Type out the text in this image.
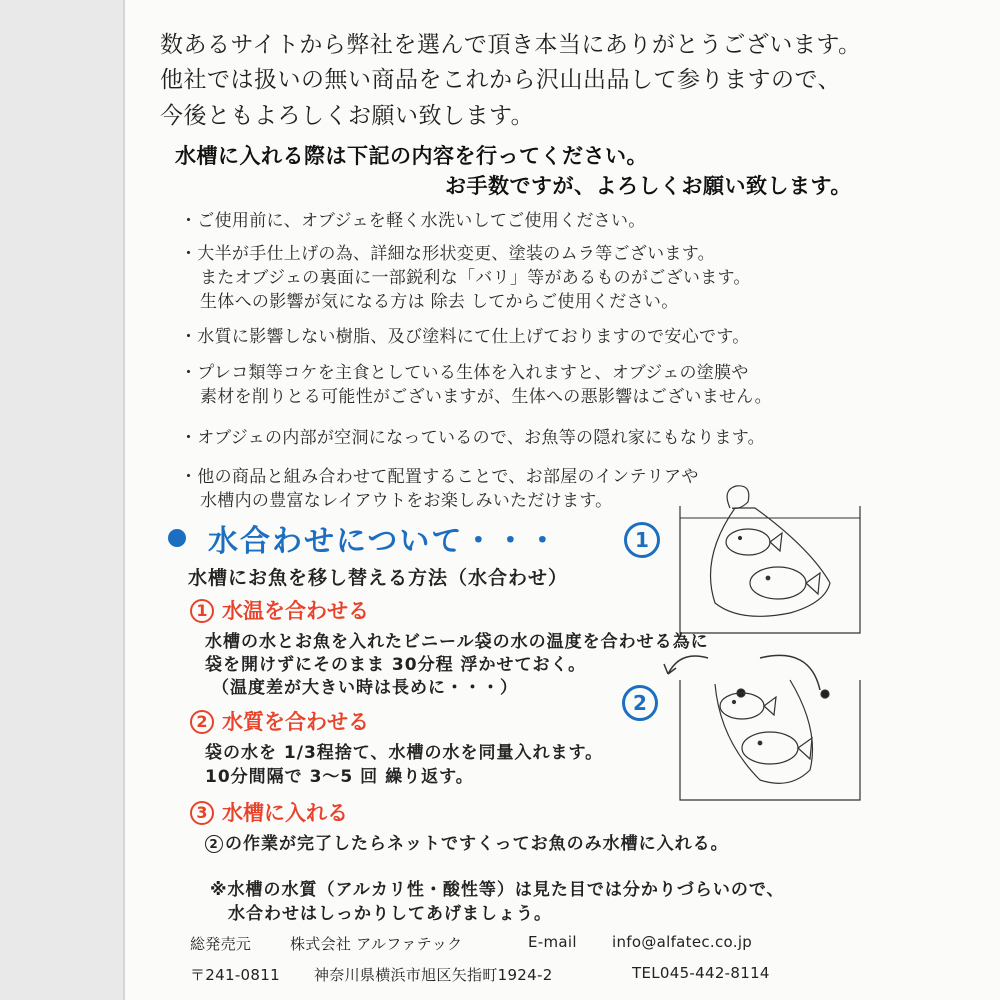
数あるサイトから弊社を選んで頂き本当にありがとうございます。
他社では扱いの無い商品をこれから沢山出品して参りますので、
今後ともよろしくお願い致します。
水槽に入れる際は下記の内容を行ってください。
お手数ですが、よろしくお願い致します。
・ご使用前に、オブジェを軽く水洗いしてご使用ください。
・大半が手仕上げの為、詳細な形状変更、塗装のムラ等ございます。
またオブジェの裏面に一部鋭利な「バリ」等があるものがございます。
生体への影響が気になる方は 除去 してからご使用ください。
・水質に影響しない樹脂、及び塗料にて仕上げておりますので安心です。
・プレコ類等コケを主食としている生体を入れますと、オブジェの塗膜や
素材を削りとる可能性がございますが、生体への悪影響はございません。
・オブジェの内部が空洞になっているので、お魚等の隠れ家にもなります。
・他の商品と組み合わせて配置することで、お部屋のインテリアや
水槽内の豊富なレイアウトをお楽しみいただけます。
水合わせについて・・・	1
水槽にお魚を移し替える方法（水合わせ）
1 水温を合わせる
水槽の水とお魚を入れたビニール袋の水の温度を合わせる為に
袋を開けずにそのまま 30分程 浮かせておく。
（温度差が大きい時は長めに・・・）
2 水質を合わせる
袋の水を 1/3程捨て、水槽の水を同量入れます。
10分間隔で 3～5 回 繰り返す。
2
3 水槽に入れる
2 の作業が完了したらネットですくってお魚のみ水槽に入れる。
※水槽の水質（アルカリ性・酸性等）は見た目では分かりづらいので、
水合わせはしっかりしてあげましょう。
総発売元	株式会社 アルファテック	E-mail info@alfatec.co.jp
〒241-0811 神奈川県横浜市旭区矢指町1924-2	TEL045-442-8114
